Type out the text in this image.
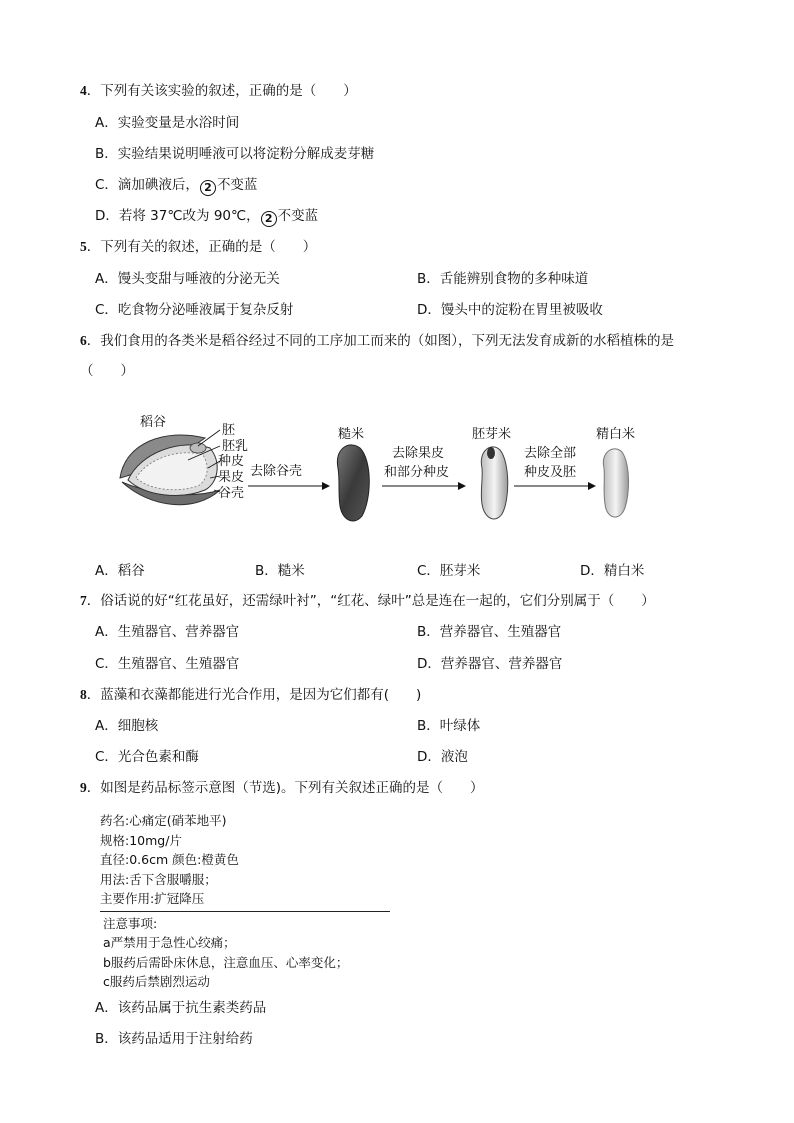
4．下列有关该实验的叙述，正确的是（　　）
A．实验变量是水浴时间
B．实验结果说明唾液可以将淀粉分解成麦芽糖
C．滴加碘液后， 2 不变蓝
D．若将 37℃改为 90℃， 2 不变蓝
5．下列有关的叙述，正确的是（　　）
A．馒头变甜与唾液的分泌无关	B．舌能辨别食物的多种味道
C．吃食物分泌唾液属于复杂反射	D．馒头中的淀粉在胃里被吸收
6．我们食用的各类米是稻谷经过不同的工序加工而来的（如图），下列无法发育成新的水稻植株的是
（　　）
稻谷
胚
胚乳
种皮
果皮
谷壳
去除谷壳
糙米
去除果皮
和部分种皮
胚芽米
去除全部
种皮及胚
精白米
A．稻谷	B．糙米	C．胚芽米	D．精白米
7．俗话说的好“红花虽好，还需绿叶衬”，“红花、绿叶”总是连在一起的，它们分别属于（　　）
A．生殖器官、营养器官	B．营养器官、生殖器官
C．生殖器官、生殖器官	D．营养器官、营养器官
8．蓝藻和衣藻都能进行光合作用，是因为它们都有(　　)
A．细胞核	B．叶绿体
C．光合色素和酶	D．液泡
9．如图是药品标签示意图（节选)。下列有关叙述正确的是（　　）
药名:心痛定(硝苯地平)
规格:10mg/片
直径:0.6cm 颜色:橙黄色
用法:舌下含服嚼服；
主要作用:扩冠降压
注意事项:
a严禁用于急性心绞痛；
b服药后需卧床休息，注意血压、心率变化；
c服药后禁剧烈运动
A．该药品属于抗生素类药品
B．该药品适用于注射给药
